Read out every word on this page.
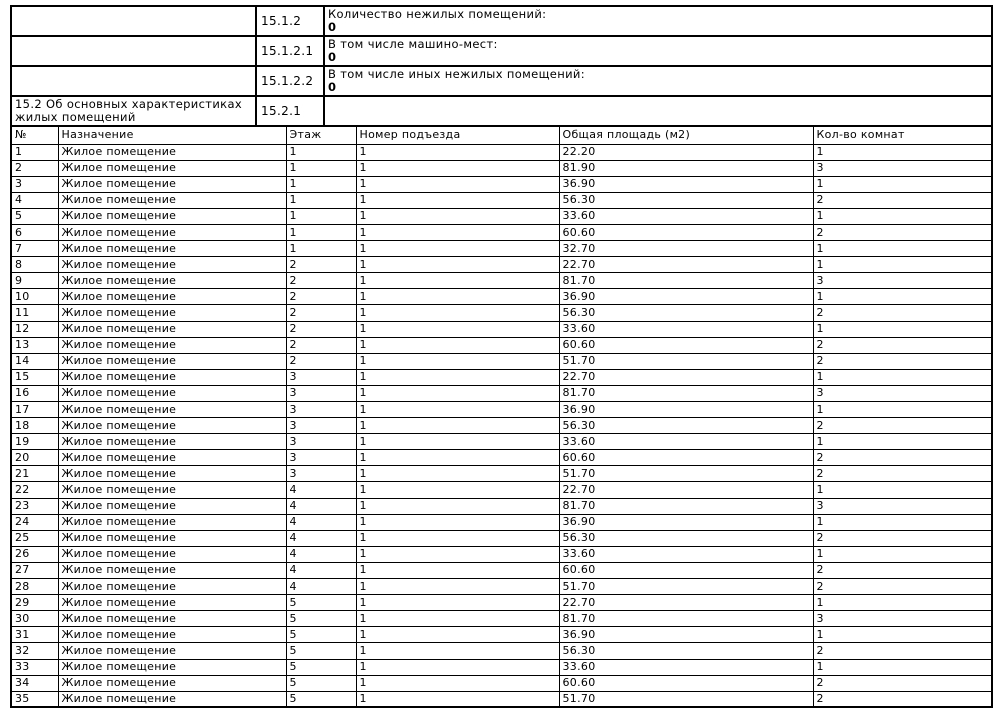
	15.1.2	Количество нежилых помещений:
0

	15.1.2.1	В том числе машино-мест:
0

	15.1.2.2	В том числе иных нежилых помещений:
0

15.2 Об основных характеристиках жилых помещений	15.2.1	
№	Назначение	Этаж	Номер подъезда	Общая площадь (м2)	Кол-во комнат
1	Жилое помещение	1	1	22.20	1
2	Жилое помещение	1	1	81.90	3
3	Жилое помещение	1	1	36.90	1
4	Жилое помещение	1	1	56.30	2
5	Жилое помещение	1	1	33.60	1
6	Жилое помещение	1	1	60.60	2
7	Жилое помещение	1	1	32.70	1
8	Жилое помещение	2	1	22.70	1
9	Жилое помещение	2	1	81.70	3
10	Жилое помещение	2	1	36.90	1
11	Жилое помещение	2	1	56.30	2
12	Жилое помещение	2	1	33.60	1
13	Жилое помещение	2	1	60.60	2
14	Жилое помещение	2	1	51.70	2
15	Жилое помещение	3	1	22.70	1
16	Жилое помещение	3	1	81.70	3
17	Жилое помещение	3	1	36.90	1
18	Жилое помещение	3	1	56.30	2
19	Жилое помещение	3	1	33.60	1
20	Жилое помещение	3	1	60.60	2
21	Жилое помещение	3	1	51.70	2
22	Жилое помещение	4	1	22.70	1
23	Жилое помещение	4	1	81.70	3
24	Жилое помещение	4	1	36.90	1
25	Жилое помещение	4	1	56.30	2
26	Жилое помещение	4	1	33.60	1
27	Жилое помещение	4	1	60.60	2
28	Жилое помещение	4	1	51.70	2
29	Жилое помещение	5	1	22.70	1
30	Жилое помещение	5	1	81.70	3
31	Жилое помещение	5	1	36.90	1
32	Жилое помещение	5	1	56.30	2
33	Жилое помещение	5	1	33.60	1
34	Жилое помещение	5	1	60.60	2
35	Жилое помещение	5	1	51.70	2
